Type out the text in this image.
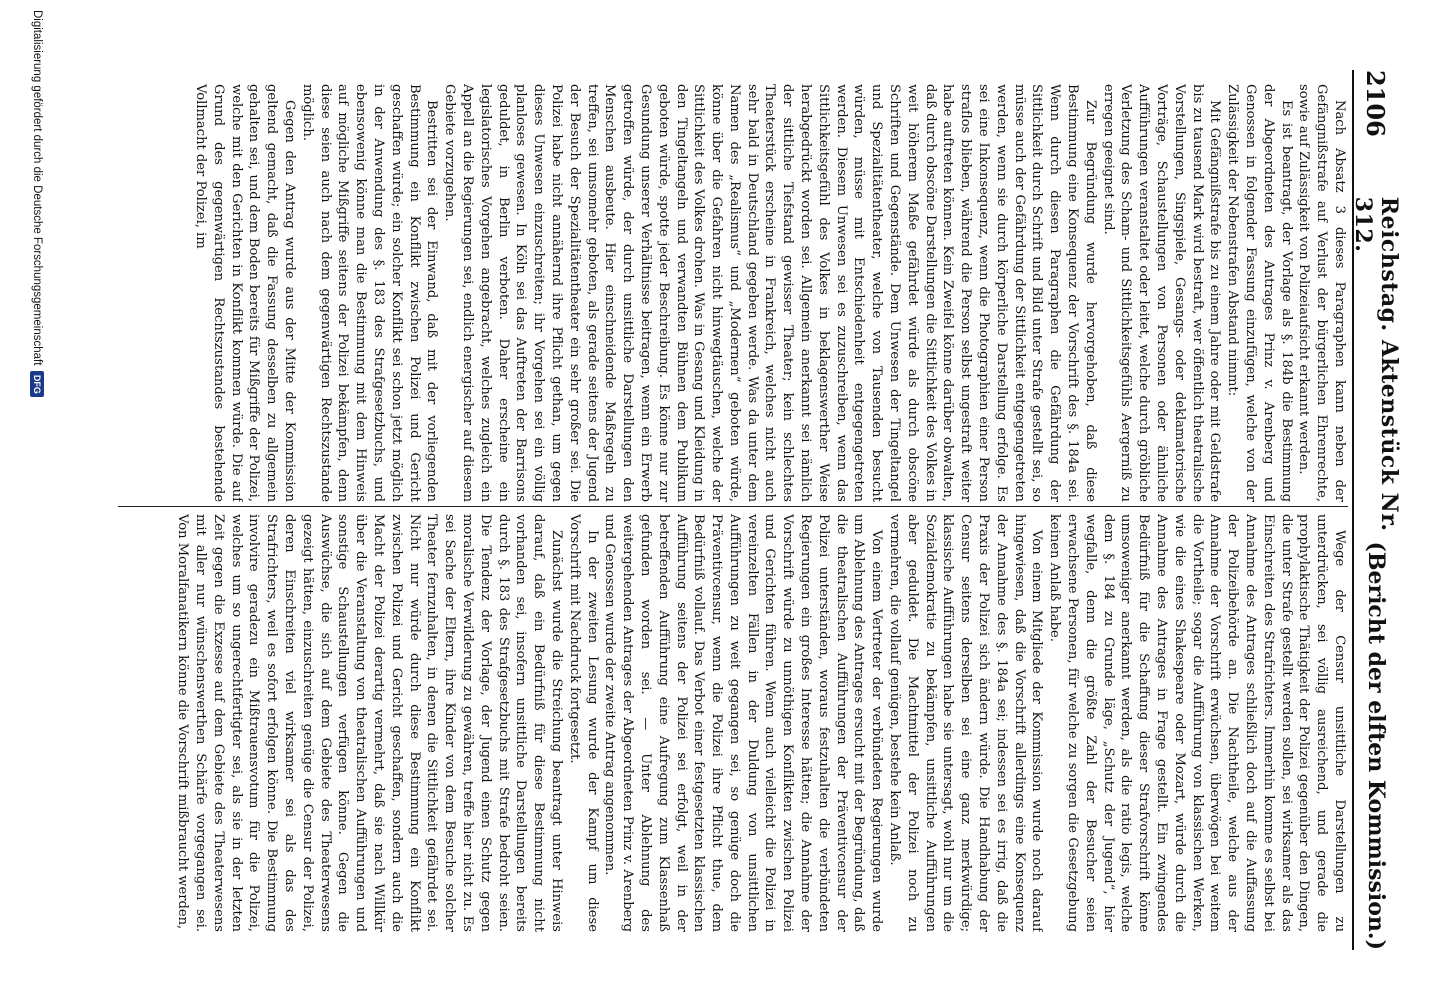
2106
Reichstag. Aktenstück Nr. 312.
(Bericht der elften Kommission.)

Nach Absatz 3 dieses Paragraphen kann neben der Gefängnißstrafe auf Verlust der bürgerlichen Ehrenrechte, sowie auf Zulässigkeit von Polizeiaufsicht erkannt werden.

Es ist beantragt, der Vorlage als §. 184b die Bestimmung der Abgeordneten des Antrages Prinz v. Arenberg und Genossen in folgender Fassung einzufügen, welche von der Zulässigkeit der Nebenstrafen Abstand nimmt:

Mit Gefängnißstrafe bis zu einem Jahre oder mit Geldstrafe bis zu tausend Mark wird bestraft, wer öffentlich theatralische Vorstellungen, Singspiele, Gesangs- oder deklamatorische Vorträge, Schaustellungen von Personen oder ähnliche Aufführungen veranstaltet oder leitet, welche durch gröbliche Verletzung des Scham- und Sittlichkeitsgefühls Aergerniß zu erregen geeignet sind.

Zur Begründung wurde hervorgehoben, daß diese Bestimmung eine Konsequenz der Vorschrift des §. 184a sei. Wenn durch diesen Paragraphen die Gefährdung der Sittlichkeit durch Schrift und Bild unter Strafe gestellt sei, so müsse auch der Gefährdung der Sittlichkeit entgegengetreten werden, wenn sie durch körperliche Darstellung erfolge. Es sei eine Inkonsequenz, wenn die Photographien einer Person straflos blieben, während die Person selbst ungestraft weiter habe auftreten können. Kein Zweifel könne darüber obwalten, daß durch obscöne Darstellungen die Sittlichkeit des Volkes in weit höherem Maße gefährdet würde als durch obscöne Schriften und Gegenstände. Dem Unwesen der Tingeltangel und Spezialitätentheater, welche von Tausenden besucht würden, müsse mit Entschiedenheit entgegengetreten werden. Diesem Unwesen sei es zuzuschreiben, wenn das Sittlichkeitsgefühl des Volkes in beklagenswerther Weise herabgedrückt worden sei. Allgemein anerkannt sei nämlich der sittliche Tiefstand gewisser Theater; kein schlechtes Theaterstück erscheine in Frankreich, welches nicht auch sehr bald in Deutschland gegeben werde. Was da unter dem Namen des „Realismus“ und „Modernen“ geboten würde, könne über die Gefahren nicht hinwegtäuschen, welche der Sittlichkeit des Volkes drohen. Was in Gesang und Kleidung in den Tingeltangeln und verwandten Bühnen dem Publikum geboten würde, spotte jeder Beschreibung. Es könne nur zur Gesundung unserer Verhältnisse beitragen, wenn ein Erwerb getroffen würde, der durch unsittliche Darstellungen den Menschen ausbeute. Hier einschneidende Maßregeln zu treffen, sei umsomehr geboten, als gerade seitens der Jugend der Besuch der Spezialitätentheater ein sehr großer sei. Die Polizei habe nicht annähernd ihre Pflicht gethan, um gegen dieses Unwesen einzuschreiten; ihr Vorgehen sei ein völlig planloses gewesen. In Köln sei das Auftreten der Barrisons geduldet, in Berlin verboten. Daher erscheine ein legislatorisches Vorgehen angebracht, welches zugleich ein Appell an die Regierungen sei, endlich energischer auf diesem Gebiete vorzugehen.

Bestritten sei der Einwand, daß mit der vorliegenden Bestimmung ein Konflikt zwischen Polizei und Gericht geschaffen würde; ein solcher Konflikt sei schon jetzt möglich in der Anwendung des §. 183 des Strafgesetzbuchs, und ebensowenig könne man die Bestimmung mit dem Hinweis auf mögliche Mißgriffe seitens der Polizei bekämpfen, denn diese seien auch nach dem gegenwärtigen Rechtszustande möglich.

Gegen den Antrag wurde aus der Mitte der Kommission geltend gemacht, daß die Fassung desselben zu allgemein gehalten sei, und dem Boden bereits für Mißgriffe der Polizei, welche mit den Gerichten in Konflikt kommen würde. Die auf Grund des gegenwärtigen Rechtszustandes bestehende Vollmacht der Polizei, im

Wege der Censur unsittliche Darstellungen zu unterdrücken, sei völlig ausreichend, und gerade die prophylaktische Thätigkeit der Polizei gegenüber den Dingen, die unter Strafe gestellt werden sollen, sei wirksamer als das Einschreiten des Strafrichters. Immerhin komme es selbst bei Annahme des Antrages schließlich doch auf die Auffassung der Polizeibehörde an. Die Nachtheile, welche aus der Annahme der Vorschrift erwüchsen, überwögen bei weitem die Vortheile; sogar die Aufführung von klassischen Werken, wie die eines Shakespeare oder Mozart, würde durch die Annahme des Antrages in Frage gestellt. Ein zwingendes Bedürfniß für die Schaffung dieser Strafvorschrift könne umsoweniger anerkannt werden, als die ratio legis, welche dem §. 184 zu Grunde läge, „Schutz der Jugend“, hier wegfalle, denn die größte Zahl der Besucher seien erwachsene Personen, für welche zu sorgen die Gesetzgebung keinen Anlaß habe.

Von einem Mitgliede der Kommission wurde noch darauf hingewiesen, daß die Vorschrift allerdings eine Konsequenz der Annahme des §. 184a sei; indessen sei es irrig, daß die Praxis der Polizei sich ändern würde. Die Handhabung der Censur seitens derselben sei eine ganz merkwürdige; klassische Aufführungen habe sie untersagt, wohl nur um die Sozialdemokratie zu bekämpfen, unsittliche Aufführungen aber geduldet. Die Machtmittel der Polizei noch zu vermehren, die vollauf genügen, bestehe kein Anlaß.

Von einem Vertreter der verbündeten Regierungen wurde um Ablehnung des Antrages ersucht mit der Begründung, daß die theatralischen Aufführungen der Präventivcensur der Polizei unterständen, woraus festzuhalten die verbündeten Regierungen ein großes Interesse hätten; die Annahme der Vorschrift würde zu unnöthigen Konflikten zwischen Polizei und Gerichten führen. Wenn auch vielleicht die Polizei in vereinzelten Fällen in der Duldung von unsittlichen Aufführungen zu weit gegangen sei, so genüge doch die Präventivcensur, wenn die Polizei ihre Pflicht thue, dem Bedürfniß vollauf. Das Verbot einer festgesetzten klassischen Aufführung seitens der Polizei sei erfolgt, weil in der betreffenden Aufführung eine Aufregung zum Klassenhaß gefunden worden sei. — Unter Ablehnung des weitergehenden Antrages der Abgeordneten Prinz v. Arenberg und Genossen wurde der zweite Antrag angenommen.

In der zweiten Lesung wurde der Kampf um diese Vorschrift mit Nachdruck fortgesetzt.

Zunächst wurde die Streichung beantragt unter Hinweis darauf, daß ein Bedürfniß für diese Bestimmung nicht vorhanden sei, insofern unsittliche Darstellungen bereits durch §. 183 des Strafgesetzbuchs mit Strafe bedroht seien. Die Tendenz der Vorlage, der Jugend einen Schutz gegen moralische Verwilderung zu gewähren, treffe hier nicht zu. Es sei Sache der Eltern, ihre Kinder von dem Besuche solcher Theater fernzuhalten, in denen die Sittlichkeit gefährdet sei. Nicht nur würde durch diese Bestimmung ein Konflikt zwischen Polizei und Gericht geschaffen, sondern auch die Macht der Polizei derartig vermehrt, daß sie nach Willkür über die Veranstaltung von theatralischen Aufführungen und sonstige Schaustellungen verfügen könne. Gegen die Auswüchse, die sich auf dem Gebiete des Theaterwesens gezeigt hätten, einzuschreiten genüge die Censur der Polizei, deren Einschreiten viel wirksamer sei als das des Strafrichters, weil es sofort erfolgen könne. Die Bestimmung involvire geradezu ein Mißtrauensvotum für die Polizei, welches um so ungerechtfertigter sei, als sie in der letzten Zeit gegen die Exzesse auf dem Gebiete des Theaterwesens mit aller nur wünschenswerthen Schärfe vorgegangen sei. Von Moralfanatikern könne die Vorschrift mißbraucht werden,

Digitalisierung gefördert durch die Deutsche Forschungsgemeinschaft
DFG
